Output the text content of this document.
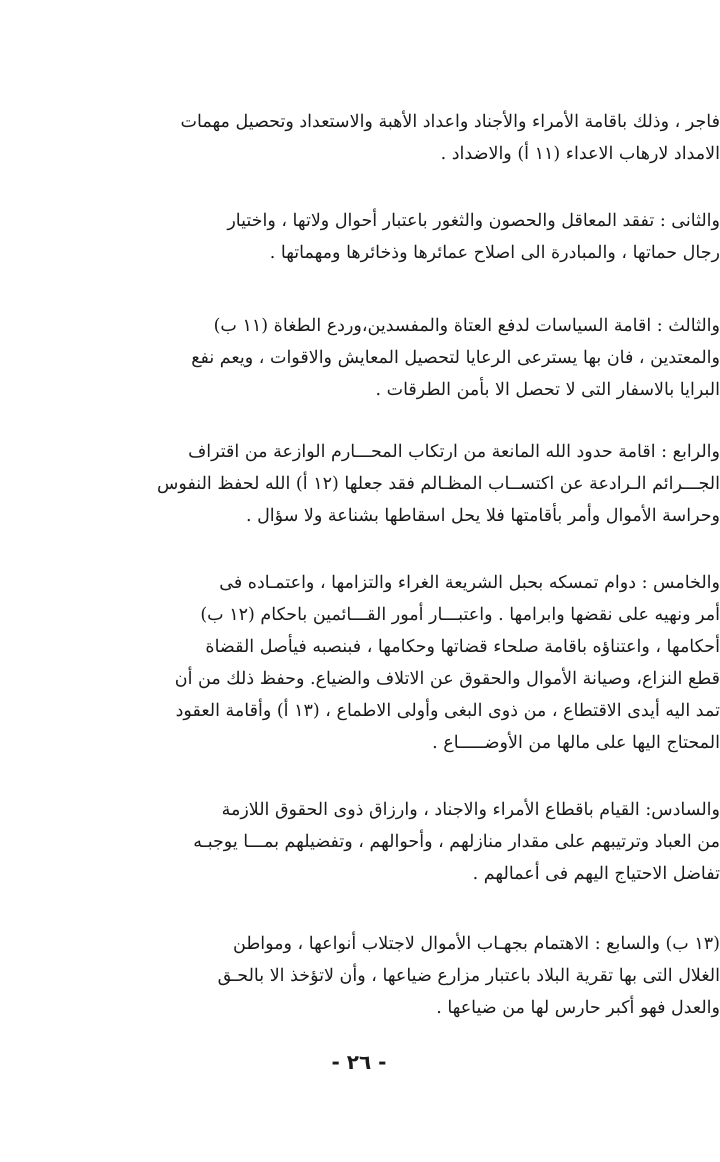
فاجر ، وذلك باقامة الأمراء والأجناد واعداد الأهبة والاستعداد وتحصيل مهمات
الامداد لارهاب الاعداء (١١ أ) والاضداد .
والثانى : تفقد المعاقل والحصون والثغور باعتبار أحوال ولاتها ، واختيار
رجال حماتها ، والمبادرة الى اصلاح عمائرها وذخائرها ومهماتها .
والثالث : اقامة السياسات لدفع العتاة والمفسدين،وردع الطغاة (١١ ب)
والمعتدين ، فان بها يسترعى الرعايا لتحصيل المعايش والاقوات ، ويعم نفع
البرايا بالاسفار التى لا تحصل الا بأمن الطرقات .
والرابع : اقامة حدود الله المانعة من ارتكاب المحـــارم الوازعة من اقتراف
الجـــرائم الـرادعة عن اكتســاب المظـالم فقد جعلها (١٢ أ) الله لحفظ النفوس
وحراسة الأموال وأمر بأقامتها فلا يحل اسقاطها بشناعة ولا سؤال .
والخامس : دوام تمسكه بحبل الشريعة الغراء والتزامها ، واعتمـاده فى
أمر ونهيه على نقضها وابرامها . واعتبـــار أمور القـــائمين باحكام (١٢ ب)
أحكامها ، واعتناؤه باقامة صلحاء قضاتها وحكامها ، فبنصبه فيأصل القضاة
قطع النزاع، وصيانة الأموال والحقوق عن الاتلاف والضياع. وحفظ ذلك من أن
تمد اليه أيدى الاقتطاع ، من ذوى البغى وأولى الاطماع ، (١٣ أ) وأقامة العقود
المحتاج اليها على مالها من الأوضـــــاع .
والسادس: القيام باقطاع الأمراء والاجناد ، وارزاق ذوى الحقوق اللازمة
من العباد وترتيبهم على مقدار منازلهم ، وأحوالهم ، وتفضيلهم بمـــا يوجبـه
تفاضل الاحتياج اليهم فى أعمالهم .
(١٣ ب) والسابع : الاهتمام بجهـاب الأموال لاجتلاب أنواعها ، ومواطن
الغلال التى بها تقرية البلاد باعتبار مزارع ضياعها ، وأن لاتؤخذ الا بالحـق
والعدل فهو أكبر حارس لها من ضياعها .
- ٢٦ -
